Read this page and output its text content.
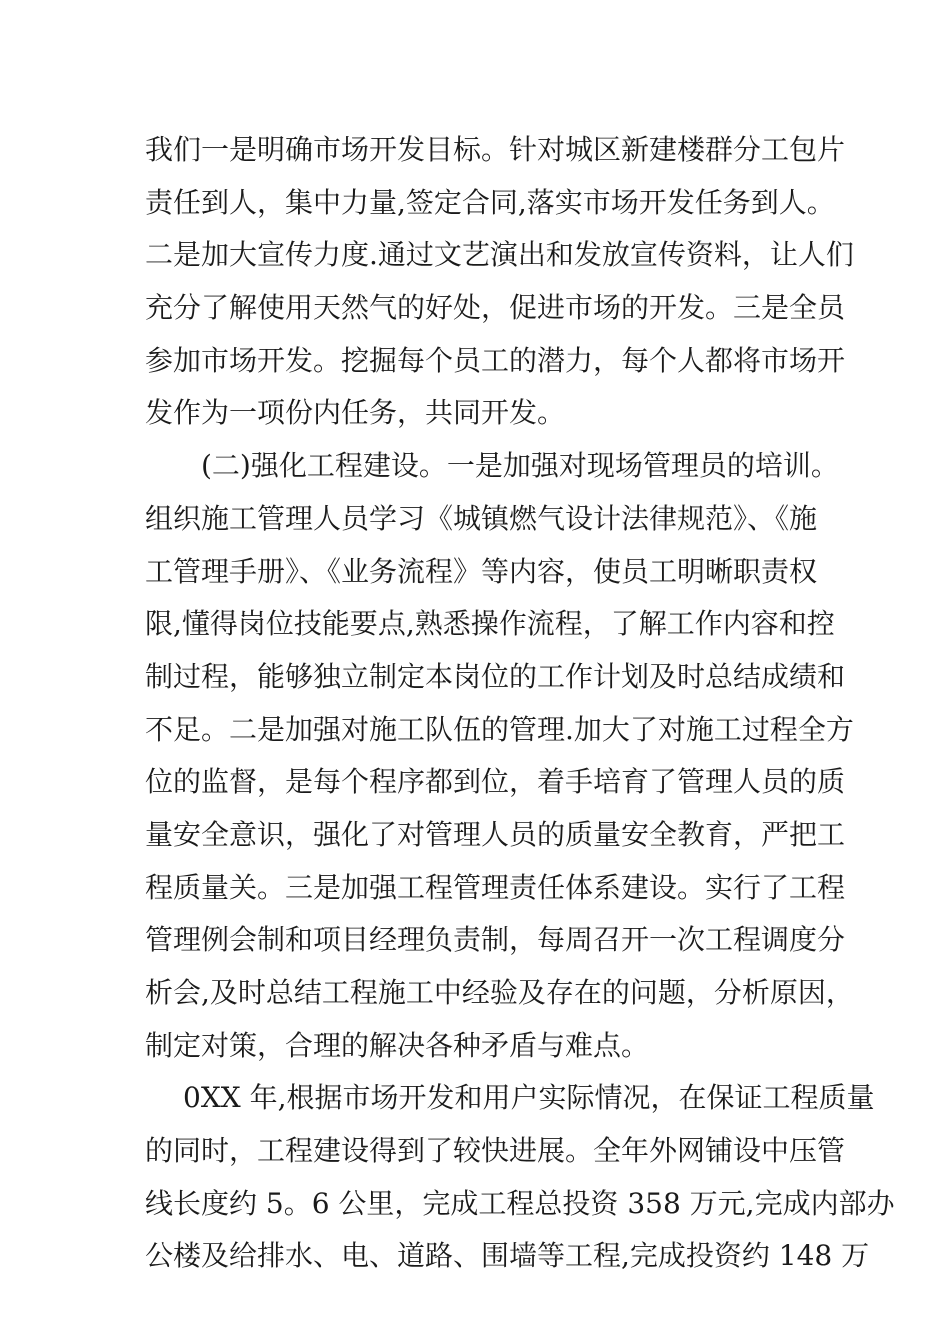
我们一是明确市场开发目标。针对城区新建楼群分工包片
责任到人，集中力量,签定合同,落实市场开发任务到人。
二是加大宣传力度.通过文艺演出和发放宣传资料，让人们
充分了解使用天然气的好处，促进市场的开发。三是全员
参加市场开发。挖掘每个员工的潜力，每个人都将市场开
发作为一项份内任务，共同开发。
(二)强化工程建设。一是加强对现场管理员的培训。
组织施工管理人员学习《城镇燃气设计法律规范》、《施
工管理手册》、《业务流程》等内容，使员工明晰职责权
限,懂得岗位技能要点,熟悉操作流程，了解工作内容和控
制过程，能够独立制定本岗位的工作计划及时总结成绩和
不足。二是加强对施工队伍的管理.加大了对施工过程全方
位的监督，是每个程序都到位，着手培育了管理人员的质
量安全意识，强化了对管理人员的质量安全教育，严把工
程质量关。三是加强工程管理责任体系建设。实行了工程
管理例会制和项目经理负责制，每周召开一次工程调度分
析会,及时总结工程施工中经验及存在的问题，分析原因，
制定对策，合理的解决各种矛盾与难点。
0XX 年,根据市场开发和用户实际情况，在保证工程质量
的同时，工程建设得到了较快进展。全年外网铺设中压管
线长度约 5。6 公里，完成工程总投资 358 万元,完成内部办
公楼及给排水、电、道路、围墙等工程,完成投资约 148 万
